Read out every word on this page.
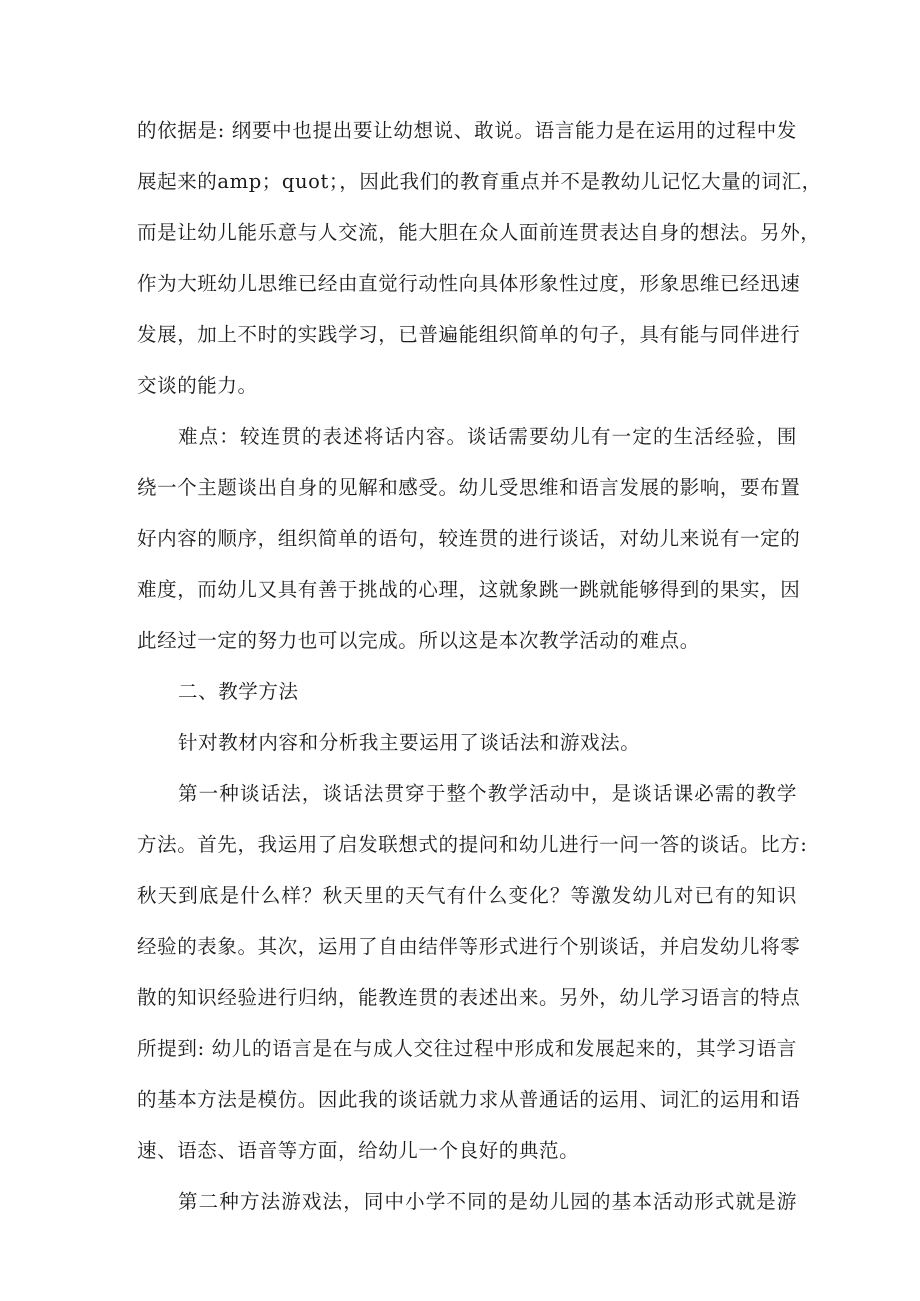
的依据是: 纲要中也提出要让幼想说、敢说。语言能力是在运用的过程中发
展起来的amp；quot；，因此我们的教育重点并不是教幼儿记忆大量的词汇，
而是让幼儿能乐意与人交流，能大胆在众人面前连贯表达自身的想法。另外，
作为大班幼儿思维已经由直觉行动性向具体形象性过度，形象思维已经迅速
发展，加上不时的实践学习，已普遍能组织简单的句子，具有能与同伴进行
交谈的能力。
难点：较连贯的表述将话内容。谈话需要幼儿有一定的生活经验，围
绕一个主题谈出自身的见解和感受。幼儿受思维和语言发展的影响，要布置
好内容的顺序，组织简单的语句，较连贯的进行谈话，对幼儿来说有一定的
难度，而幼儿又具有善于挑战的心理，这就象跳一跳就能够得到的果实，因
此经过一定的努力也可以完成。所以这是本次教学活动的难点。
二、教学方法
针对教材内容和分析我主要运用了谈话法和游戏法。
第一种谈话法，谈话法贯穿于整个教学活动中，是谈话课必需的教学
方法。首先，我运用了启发联想式的提问和幼儿进行一问一答的谈话。比方:
秋天到底是什么样？秋天里的天气有什么变化？等激发幼儿对已有的知识
经验的表象。其次，运用了自由结伴等形式进行个别谈话，并启发幼儿将零
散的知识经验进行归纳，能教连贯的表述出来。另外，幼儿学习语言的特点
所提到: 幼儿的语言是在与成人交往过程中形成和发展起来的，其学习语言
的基本方法是模仿。因此我的谈话就力求从普通话的运用、词汇的运用和语
速、语态、语音等方面，给幼儿一个良好的典范。
第二种方法游戏法，同中小学不同的是幼儿园的基本活动形式就是游
